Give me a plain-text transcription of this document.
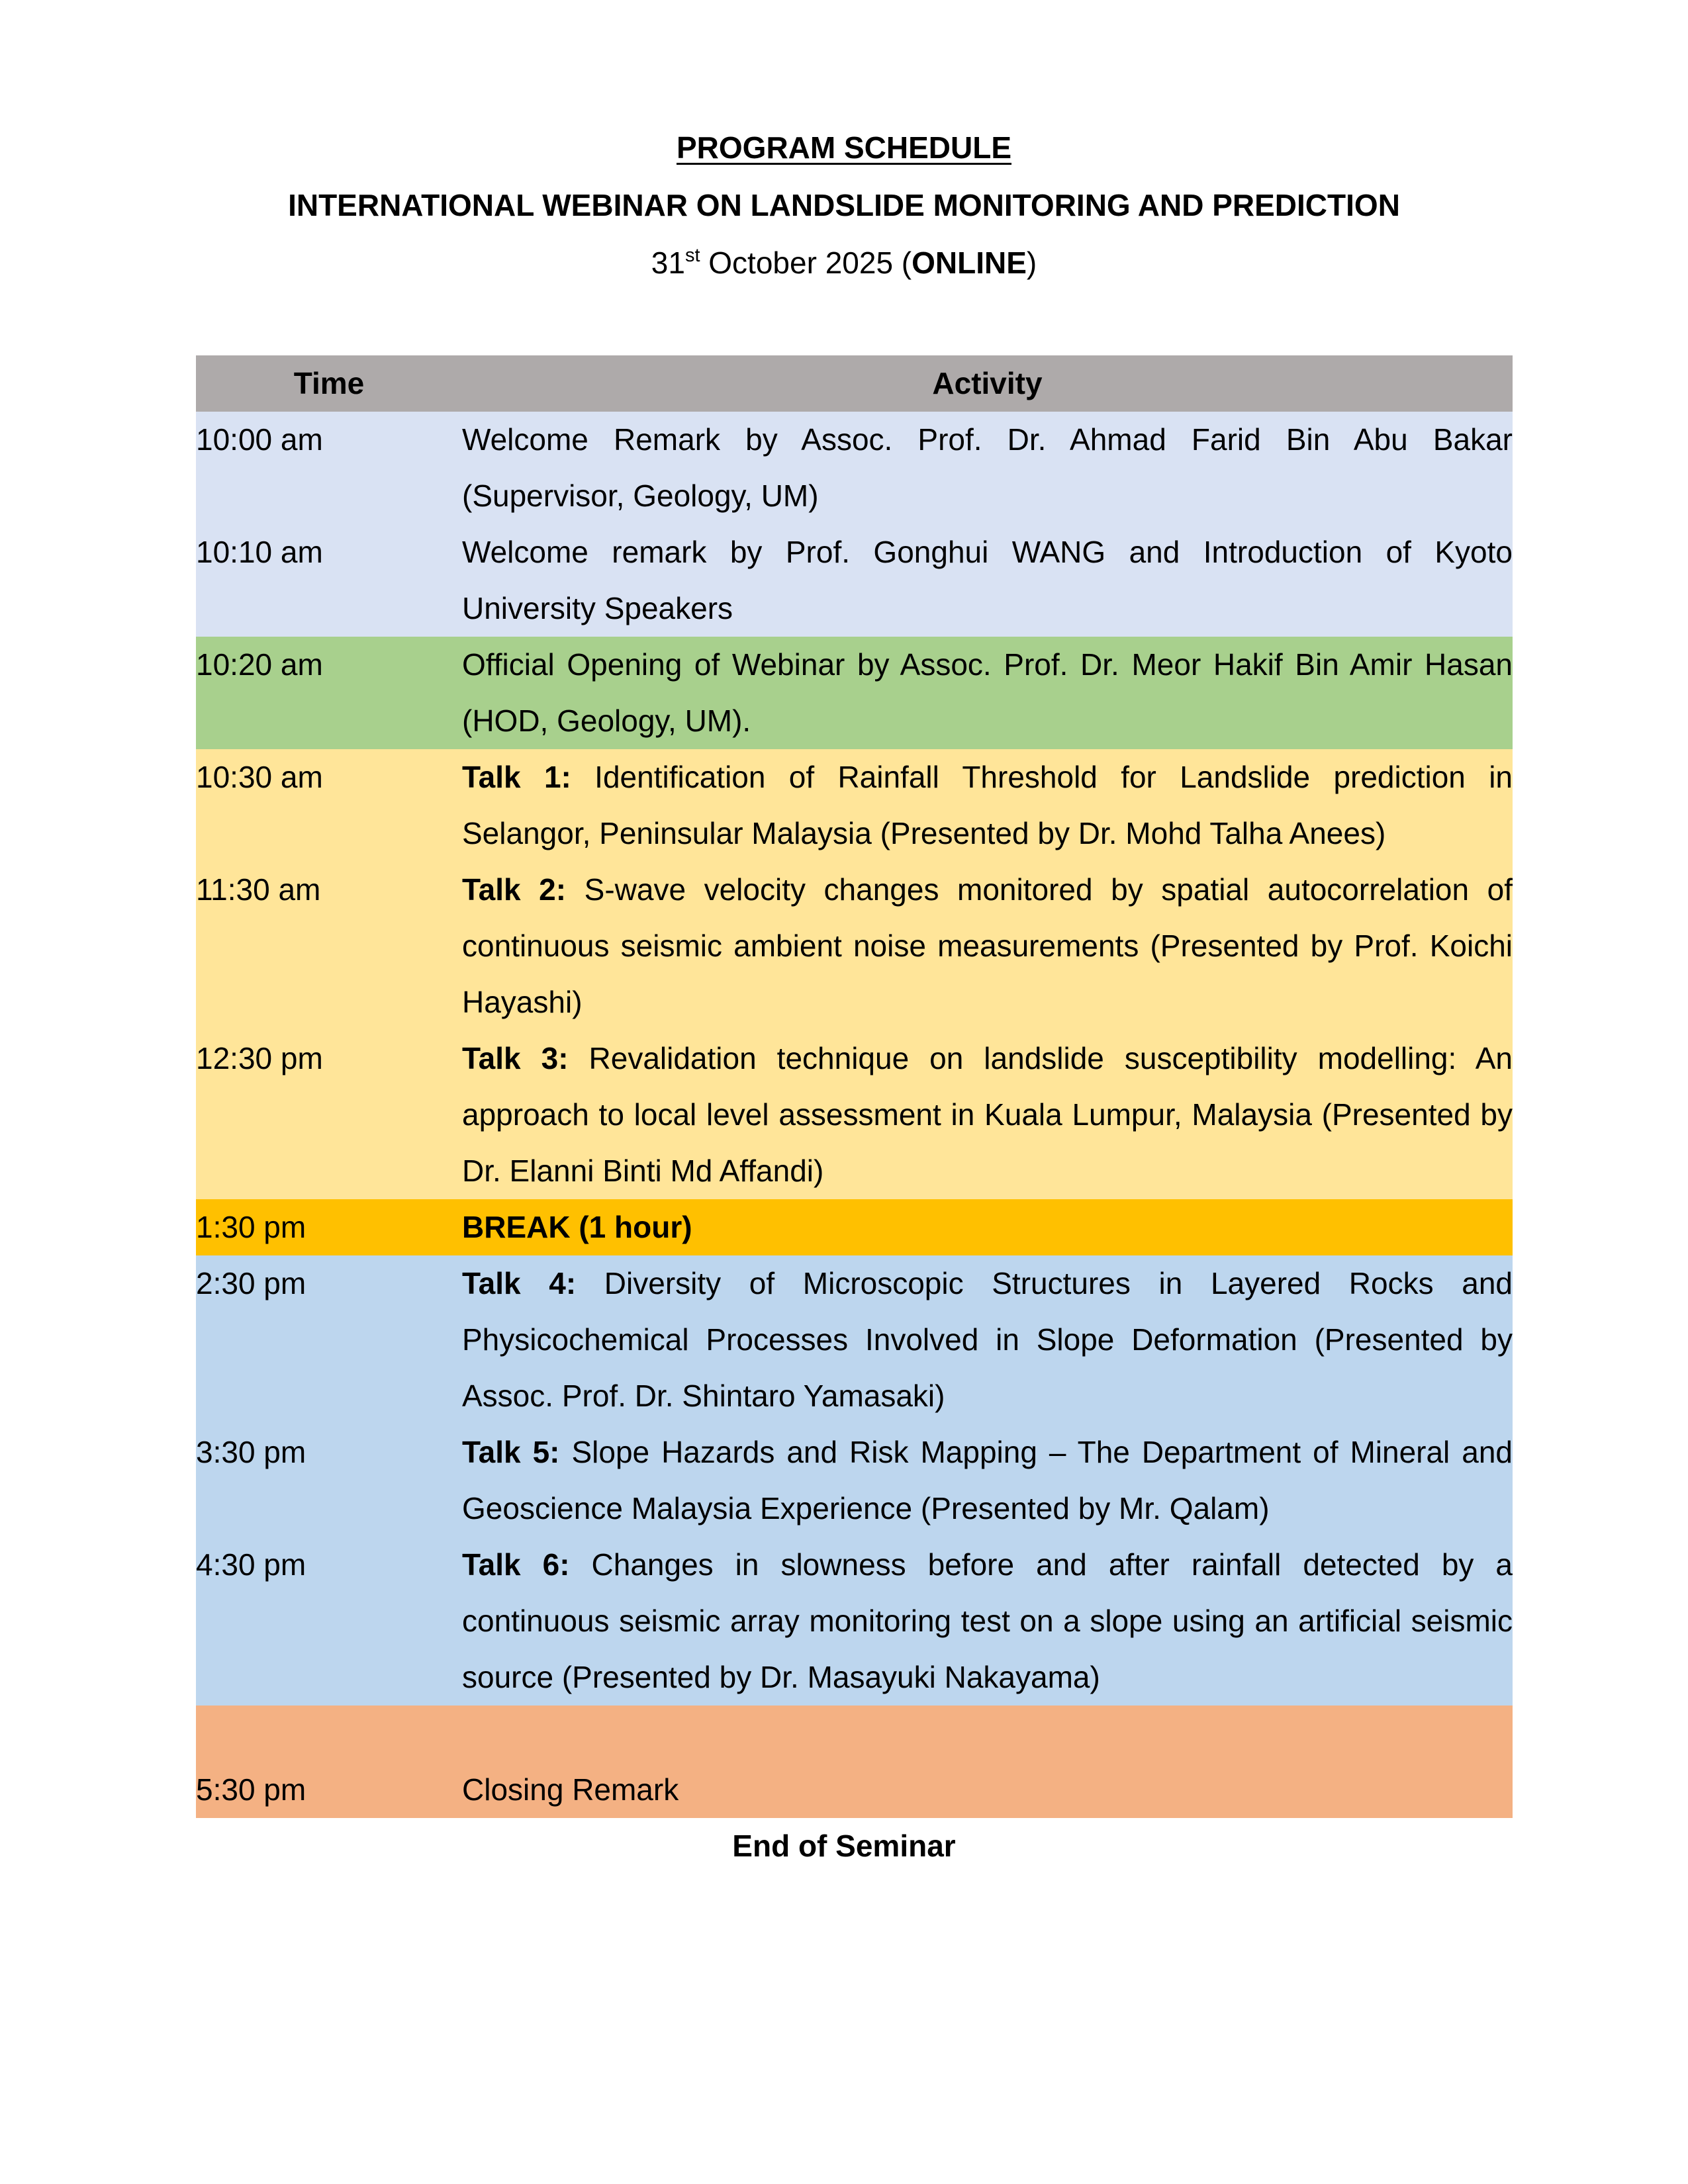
PROGRAM SCHEDULE
INTERNATIONAL WEBINAR ON LANDSLIDE MONITORING AND PREDICTION
31st October 2025 (ONLINE)
Time	Activity
10:00 am	Welcome Remark by Assoc. Prof. Dr. Ahmad Farid Bin Abu Bakar (Supervisor, Geology, UM)
10:10 am	Welcome remark by Prof. Gonghui WANG and Introduction of Kyoto University Speakers
10:20 am	Official Opening of Webinar by Assoc. Prof. Dr. Meor Hakif Bin Amir Hasan (HOD, Geology, UM).
10:30 am	Talk 1: Identification of Rainfall Threshold for Landslide prediction in Selangor, Peninsular Malaysia (Presented by Dr. Mohd Talha Anees)
11:30 am	Talk 2: S-wave velocity changes monitored by spatial autocorrelation of continuous seismic ambient noise measurements (Presented by Prof. Koichi Hayashi)
12:30 pm	Talk 3: Revalidation technique on landslide susceptibility modelling: An approach to local level assessment in Kuala Lumpur, Malaysia (Presented by Dr. Elanni Binti Md Affandi)
1:30 pm	BREAK (1 hour)
2:30 pm	Talk 4: Diversity of Microscopic Structures in Layered Rocks and Physicochemical Processes Involved in Slope Deformation (Presented by Assoc. Prof. Dr. Shintaro Yamasaki)
3:30 pm	Talk 5: Slope Hazards and Risk Mapping – The Department of Mineral and Geoscience Malaysia Experience (Presented by Mr. Qalam)
4:30 pm	Talk 6: Changes in slowness before and after rainfall detected by a continuous seismic array monitoring test on a slope using an artificial seismic source (Presented by Dr. Masayuki Nakayama)
5:30 pm	Closing Remark
End of Seminar
